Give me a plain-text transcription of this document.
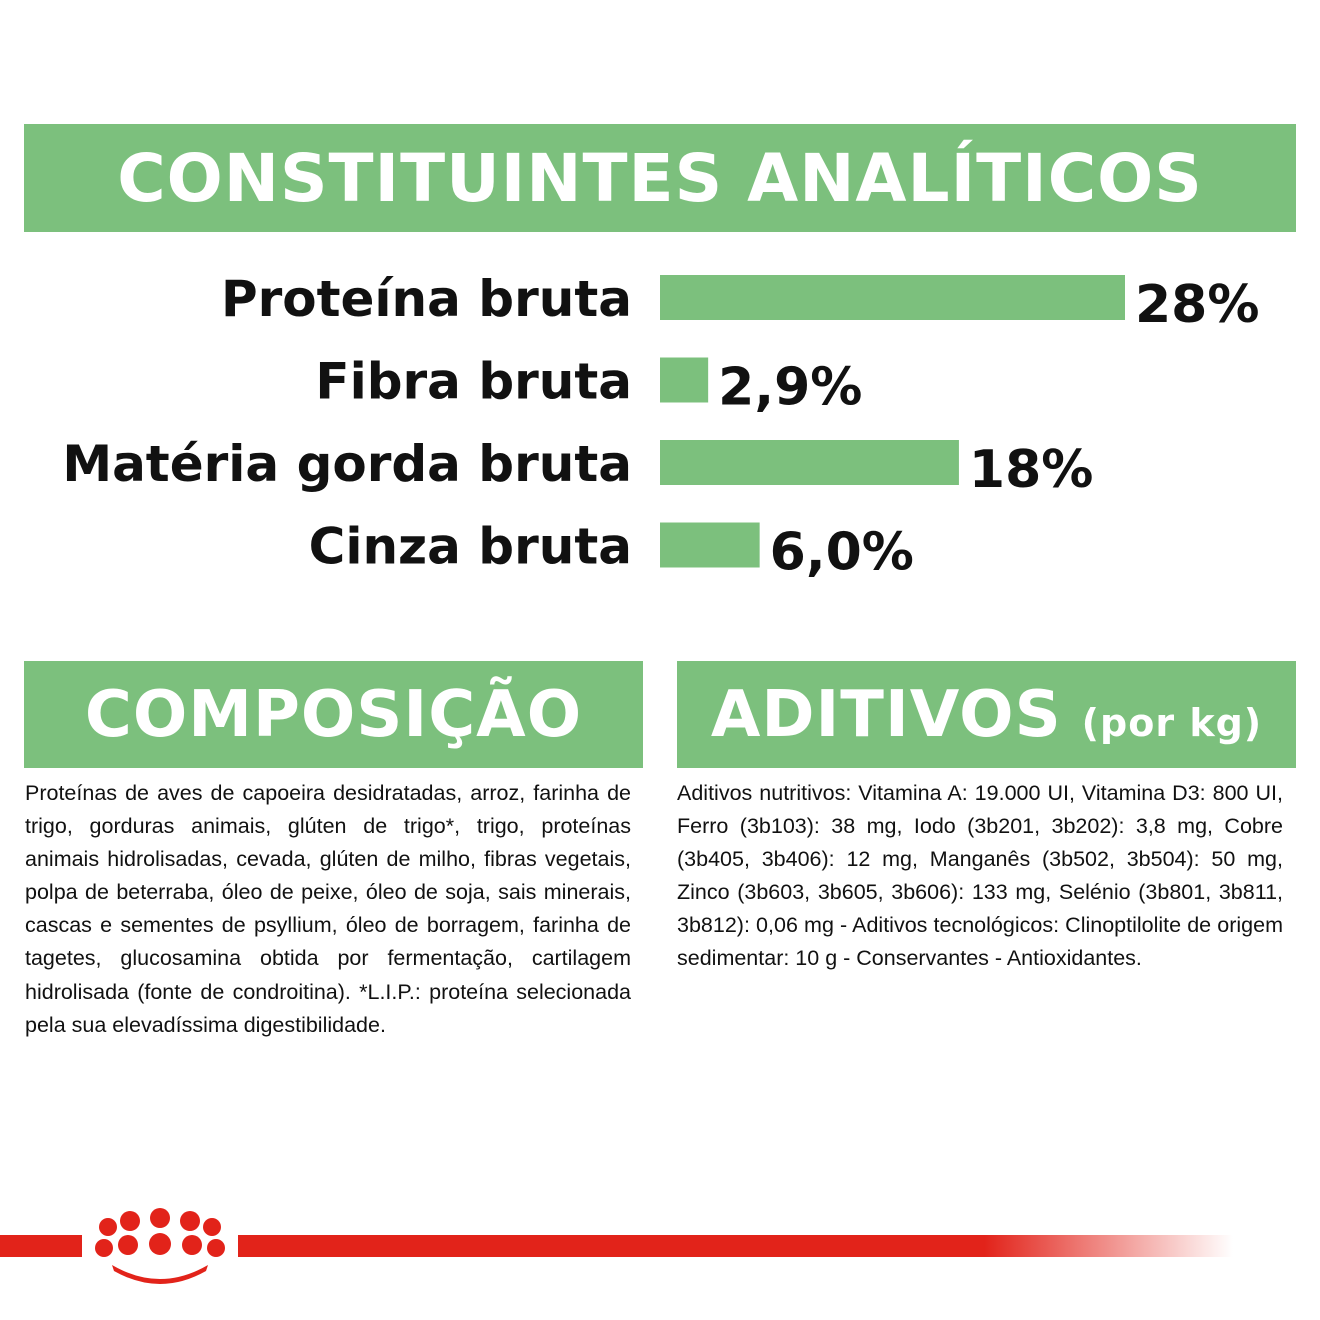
CONSTITUINTES ANALÍTICOS
Proteína bruta	28%
Fibra bruta 2,9%
Matéria gorda bruta	18%
Cinza bruta	6,0%
COMPOSIÇÃO ADITIVOS (por kg)

Proteínas de aves de capoeira desidratadas, arroz, farinha de trigo, gorduras animais, glúten de trigo*, trigo, proteínas animais hidrolisadas, cevada, glúten de milho, fibras vegetais, polpa de beterraba, óleo de peixe, óleo de soja, sais minerais, cascas e sementes de psyllium, óleo de borragem, farinha de tagetes, glucosamina obtida por fermentação, cartilagem hidrolisada (fonte de condroitina). *L.I.P.: proteína selecionada pela sua elevadíssima digestibilidade.

Aditivos nutritivos: Vitamina A: 19.000 UI, Vitamina D3: 800 UI, Ferro (3b103): 38 mg, Iodo (3b201, 3b202): 3,8 mg, Cobre (3b405, 3b406): 12 mg, Manganês (3b502, 3b504): 50 mg, Zinco (3b603, 3b605, 3b606): 133 mg, Selénio (3b801, 3b811, 3b812): 0,06 mg - Aditivos tecnológicos: Clinoptilolite de origem sedimentar: 10 g - Conservantes - Antioxidantes.
